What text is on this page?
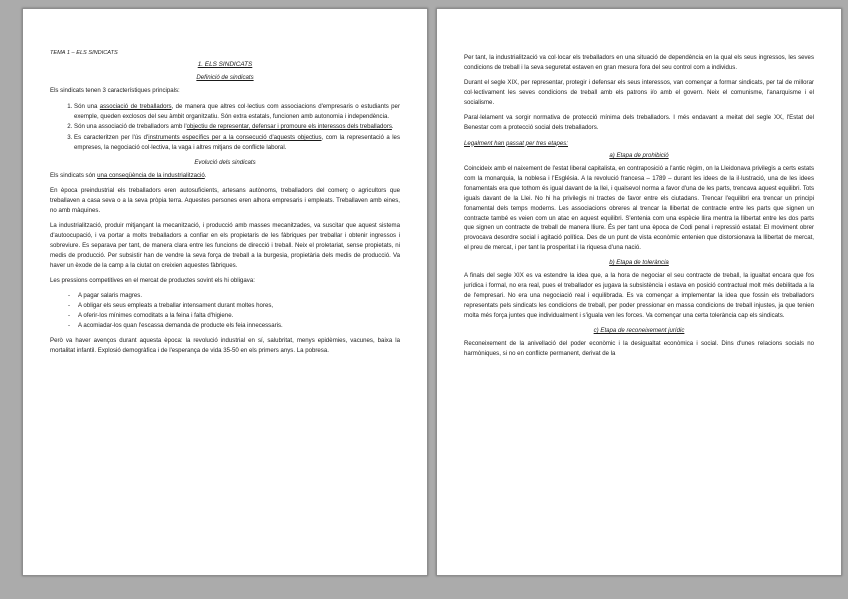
TEMA 1 – ELS SINDICATS
1. ELS SINDICATS
Definició de sindicats

Els sindicats tenen 3 característiques principals:

1. Són una associació de treballadors, de manera que altres col·lectius com associacions d'empresaris o estudiants per exemple, queden exclosos del seu àmbit organitzatiu. Són extra estatals, funcionen amb autonomia i independència.
2. Són una associació de treballadors amb l'objectiu de representar, defensar i promoure els interessos dels treballadors.
3. Es caracteritzen per l'ús d'instruments específics per a la consecució d'aquests objectius, com la representació a les empreses, la negociació col·lectiva, la vaga i altres mitjans de conflicte laboral.
Evolució dels sindicats

Els sindicats són una conseqüència de la industrialització.

En època preindustrial els treballadors eren autosuficients, artesans autònoms, treballadors del comerç o agricultors que treballaven a casa seva o a la seva pròpia terra. Aquestes persones eren alhora empresaris i emplеats. Treballaven amb eines, no amb màquines.

La industrialització, produir mitjançant la mecanització, i producció amb masses mecanitzades, va suscitar que aquest sistema d'autoocupació, i va portar a molts treballadors a confiar en els propietaris de les fàbriques per treballar i obtenir ingressos i sobreviure. Es separava per tant, de manera clara entre les funcions de direcció i treball. Neix el proletariat, sense propietats, ni medis de producció. Per subsistir han de vendre la seva força de treball a la burgesia, propietària dels medis de producció. Va haver un èxode de la camp a la ciutat on creixien aquestes fàbriques.

Les pressions competitives en el mercat de productes sovint els hi obligava:

- A pagar salaris magres.
- A obligar els seus empleats a treballar intensament durant moltes hores,
- A oferir-los mínimes comoditats a la feina i falta d'higiene.
- A acomiadar-los quan l'escassa demanda de producte els feia innecessaris.

Però va haver avenços durant aquesta època: la revolució industrial en sí, salubritat, menys epidèmies, vacunes, baixa la mortalitat infantil. Explosió demogràfica i de l'esperança de vida 35-50 en els primers anys. La pobresa.

Per tant, la industrialització va col·locar els treballadors en una situació de dependència en la qual els seus ingressos, les seves condicions de treball i la seva seguretat estaven en gran mesura fora del seu control com a individus.

Durant el segle XIX, per representar, protegir i defensar els seus interessos, van començar a formar sindicats, per tal de millorar col·lectivament les seves condicions de treball amb els patrons i/o amb el govern. Neix el comunisme, l'anarquisme i el socialisme.

Paral·lelament va sorgir normativa de protecció mínima dels treballadors. I més endavant a meitat del segle XX, l'Estat del Benestar com a protecció social dels treballadors.

Legalment han passat per tres etapes:
a) Etapa de prohibició

Coincideix amb el naixement de l'estat liberal capitalista, en contraposició a l'antic règim, on la Lleidonava privilegis a certs estats com la monarquia, la noblesa i l'Església. A la revolució francesa – 1789 – durant les idees de la il·lustració, una de les idees fonamentals era que tothom és igual davant de la llei, i qualsevol norma a favor d'una de les parts, trencava aquest equilibri. Tots iguals davant de la Llei. No hi ha privilegis ni tractes de favor entre els ciutadans. Trencar l'equilibri era trencar un principi fonamental dels temps moderns. Les associacions obreres al trencar la llibertat de contracte entre les parts que signen un contracte també es veien com un atac en aquest equilibri. S'entenia com una espècie llira mentra la llibertat entre les dos parts que signen un contracte de treball de manera lliure. És per tant una època de Codi penal i repressió estatal: El moviment obrer provocava desordre social i agitació política. Des de un punt de vista econòmic entenien que distorsionava la llibertat de mercat, el preu de mercat, i per tant la prosperitat i la riquesa d'una nació.

b) Etapa de tolerància

A finals del segle XIX es va estendre la idea que, a la hora de negociar el seu contracte de treball, la igualtat encara que fos jurídica i formal, no era real, pues el treballador es jugava la subsistència i estava en posició contractual molt més debilitada a la de l'empresari. No era una negociació real i equilibrada. Es va començar a implementar la idea que fossin els treballadors representats pels sindicats les condicions de treball, per poder pressionar en massa condicions de treball injustes, ja que tenien molta més força juntes que individualment i s'iguala ven les forces. Va començar una certa tolerància cap els sindicats.

c) Etapa de reconeixement jurídic

Reconeixement de la anivellació del poder econòmic i la desigualtat econòmica i social. Dins d'unes relacions socials no harmòniques, si no en conflicte permanent, derivat de la
